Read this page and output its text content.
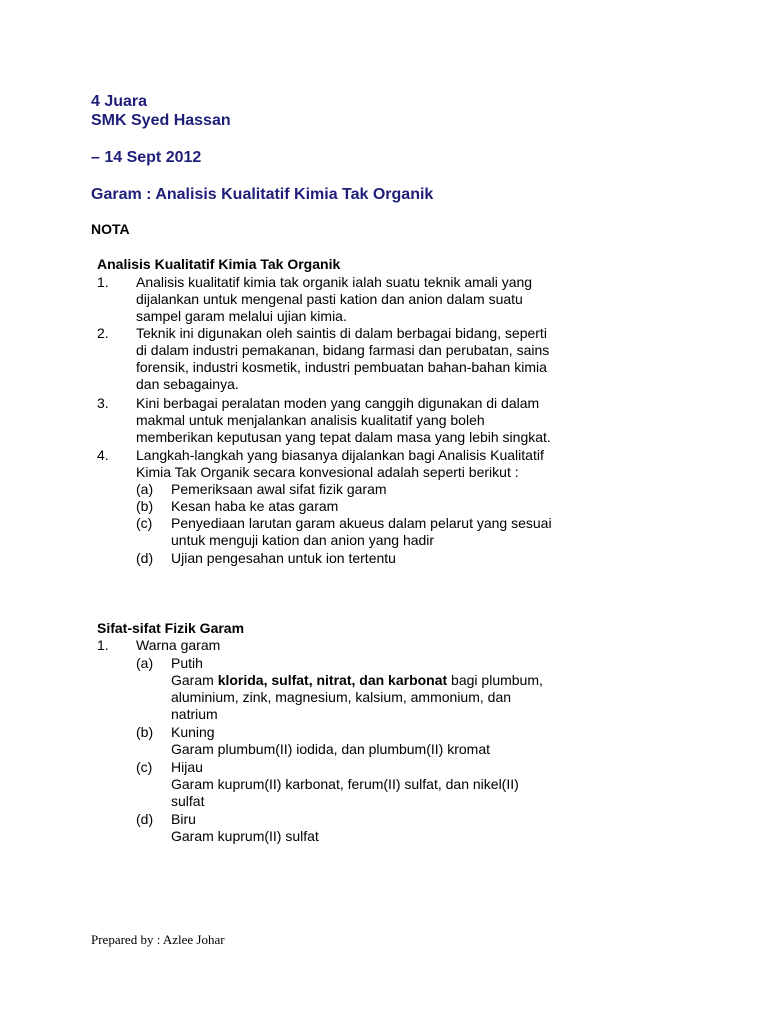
4 Juara
SMK Syed Hassan
– 14 Sept 2012
Garam : Analisis Kualitatif Kimia Tak Organik
NOTA
Analisis Kualitatif Kimia Tak Organik
1. Analisis kualitatif kimia tak organik ialah suatu teknik amali yang
dijalankan untuk mengenal pasti kation dan anion dalam suatu
sampel garam melalui ujian kimia.
2. Teknik ini digunakan oleh saintis di dalam berbagai bidang, seperti
di dalam industri pemakanan, bidang farmasi dan perubatan, sains
forensik, industri kosmetik, industri pembuatan bahan-bahan kimia
dan sebagainya.
3. Kini berbagai peralatan moden yang canggih digunakan di dalam
makmal untuk menjalankan analisis kualitatif yang boleh
memberikan keputusan yang tepat dalam masa yang lebih singkat.
4. Langkah-langkah yang biasanya dijalankan bagi Analisis Kualitatif
Kimia Tak Organik secara konvesional adalah seperti berikut :
(a) Pemeriksaan awal sifat fizik garam
(b) Kesan haba ke atas garam
(c) Penyediaan larutan garam akueus dalam pelarut yang sesuai
untuk menguji kation dan anion yang hadir
(d) Ujian pengesahan untuk ion tertentu
Sifat-sifat Fizik Garam
1. Warna garam
(a) Putih
Garam klorida, sulfat, nitrat, dan karbonat bagi plumbum,
aluminium, zink, magnesium, kalsium, ammonium, dan
natrium
(b) Kuning
Garam plumbum(II) iodida, dan plumbum(II) kromat
(c) Hijau
Garam kuprum(II) karbonat, ferum(II) sulfat, dan nikel(II)
sulfat
(d) Biru
Garam kuprum(II) sulfat
Prepared by : Azlee Johar
